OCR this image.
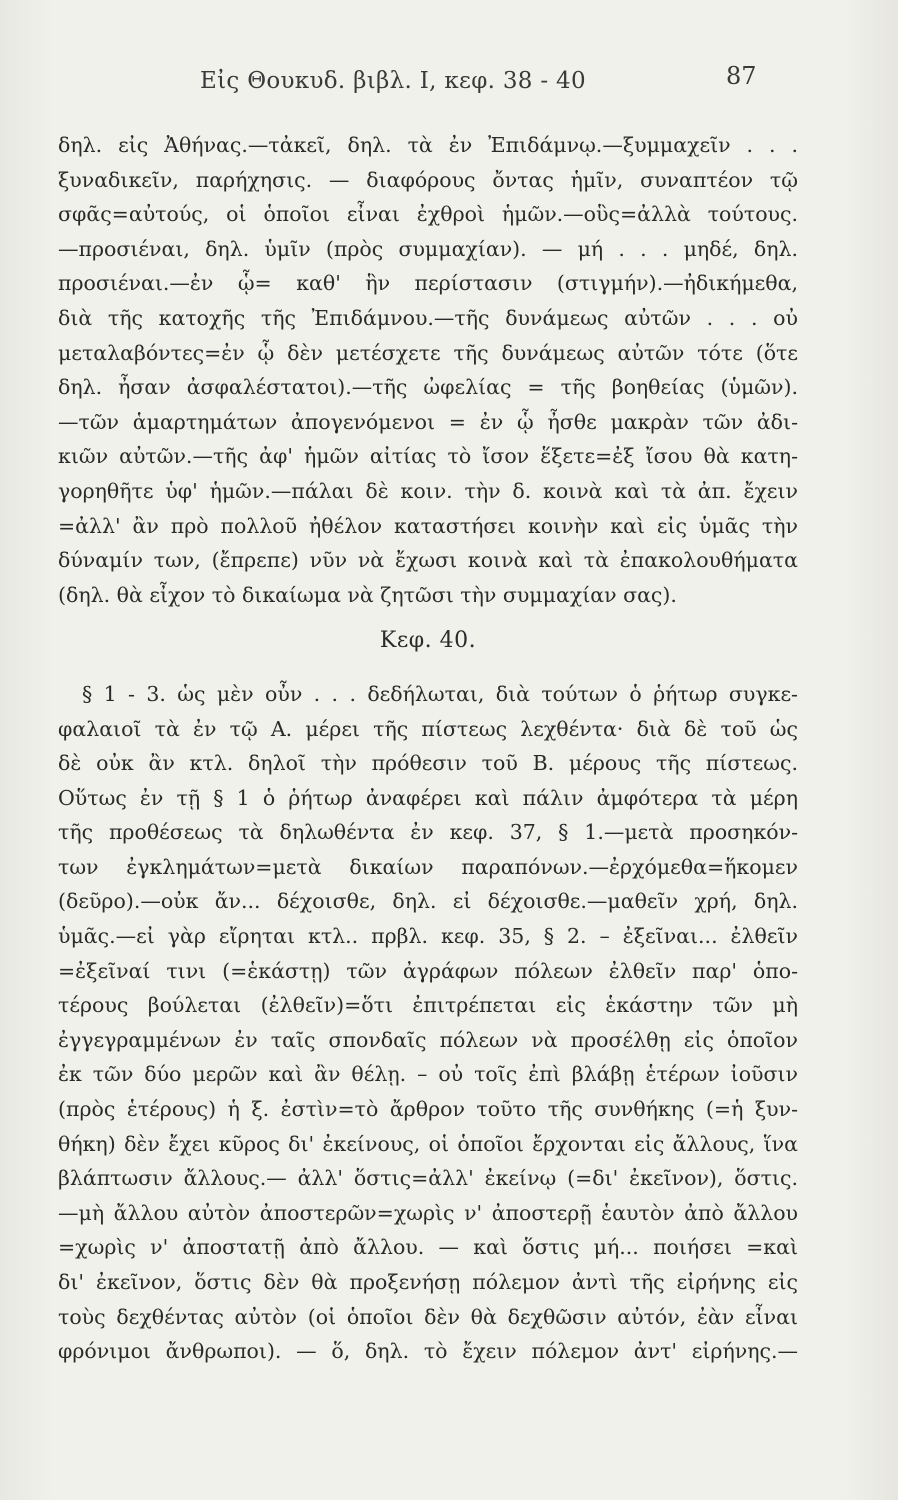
Εἰς Θουκυδ. βιβλ. Ι, κεφ. 38 - 40	87
δηλ. εἰς Ἀθήνας.—τἀκεῖ, δηλ. τὰ ἐν Ἐπιδάμνῳ.—ξυμμαχεῖν . . .
ξυναδικεῖν, παρήχησις. — διαφόρους ὄντας ἡμῖν, συναπτέον τῷ
σφᾶς=αὐτούς, οἱ ὁποῖοι εἶναι ἐχθροὶ ἡμῶν.—οὓς=ἀλλὰ τούτους.
—προσιέναι, δηλ. ὑμῖν (πρὸς συμμαχίαν). — μή . . . μηδέ, δηλ.
προσιέναι.—ἐν ᾧ= καθ' ἣν περίστασιν (στιγμήν).—ἠδικήμεθα,
διὰ τῆς κατοχῆς τῆς Ἐπιδάμνου.—τῆς δυνάμεως αὐτῶν . . . οὐ
μεταλαβόντες=ἐν ᾧ δὲν μετέσχετε τῆς δυνάμεως αὐτῶν τότε (ὅτε
δηλ. ἦσαν ἀσφαλέστατοι).—τῆς ὠφελίας = τῆς βοηθείας (ὑμῶν).
—τῶν ἁμαρτημάτων ἀπογενόμενοι = ἐν ᾧ ἦσθε μακρὰν τῶν ἀδι-
κιῶν αὐτῶν.—τῆς ἀφ' ἡμῶν αἰτίας τὸ ἴσον ἕξετε=ἐξ ἴσου θὰ κατη-
γορηθῆτε ὑφ' ἡμῶν.—πάλαι δὲ κοιν. τὴν δ. κοινὰ καὶ τὰ ἀπ. ἔχειν
=ἀλλ' ἂν πρὸ πολλοῦ ἠθέλον καταστήσει κοινὴν καὶ εἰς ὑμᾶς τὴν
δύναμίν των, (ἔπρεπε) νῦν νὰ ἔχωσι κοινὰ καὶ τὰ ἐπακολουθήματα
(δηλ. θὰ εἶχον τὸ δικαίωμα νὰ ζητῶσι τὴν συμμαχίαν σας).
Κεφ. 40.
§ 1 - 3. ὡς μὲν οὖν . . . δεδήλωται, διὰ τούτων ὁ ῥήτωρ συγκε-
φαλαιοῖ τὰ ἐν τῷ Α. μέρει τῆς πίστεως λεχθέντα· διὰ δὲ τοῦ ὡς
δὲ οὐκ ἂν κτλ. δηλοῖ τὴν πρόθεσιν τοῦ Β. μέρους τῆς πίστεως.
Οὕτως ἐν τῇ § 1 ὁ ῥήτωρ ἀναφέρει καὶ πάλιν ἀμφότερα τὰ μέρη
τῆς προθέσεως τὰ δηλωθέντα ἐν κεφ. 37, § 1.—μετὰ προσηκόν-
των ἐγκλημάτων=μετὰ δικαίων παραπόνων.—ἐρχόμεθα=ἥκομεν
(δεῦρο).—οὐκ ἄν... δέχοισθε, δηλ. εἰ δέχοισθε.—μαθεῖν χρή, δηλ.
ὑμᾶς.—εἰ γὰρ εἴρηται κτλ.. πρβλ. κεφ. 35, § 2. – ἐξεῖναι... ἐλθεῖν
=ἐξεῖναί τινι (=ἑκάστῃ) τῶν ἀγράφων πόλεων ἐλθεῖν παρ' ὁπο-
τέρους βούλεται (ἐλθεῖν)=ὅτι ἐπιτρέπεται εἰς ἑκάστην τῶν μὴ
ἐγγεγραμμένων ἐν ταῖς σπονδαῖς πόλεων νὰ προσέλθῃ εἰς ὁποῖον
ἐκ τῶν δύο μερῶν καὶ ἂν θέλῃ. – οὐ τοῖς ἐπὶ βλάβῃ ἑτέρων ἰοῦσιν
(πρὸς ἑτέρους) ἡ ξ. ἐστὶν=τὸ ἄρθρον τοῦτο τῆς συνθήκης (=ἡ ξυν-
θήκη) δὲν ἔχει κῦρος δι' ἐκείνους, οἱ ὁποῖοι ἔρχονται εἰς ἄλλους, ἵνα
βλάπτωσιν ἄλλους.— ἀλλ' ὅστις=ἀλλ' ἐκείνῳ (=δι' ἐκεῖνον), ὅστις.
—μὴ ἄλλου αὐτὸν ἀποστερῶν=χωρὶς ν' ἀποστερῇ ἑαυτὸν ἀπὸ ἄλλου
=χωρὶς ν' ἀποστατῇ ἀπὸ ἄλλου. — καὶ ὅστις μή... ποιήσει =καὶ
δι' ἐκεῖνον, ὅστις δὲν θὰ προξενήσῃ πόλεμον ἀντὶ τῆς εἰρήνης εἰς
τοὺς δεχθέντας αὐτὸν (οἱ ὁποῖοι δὲν θὰ δεχθῶσιν αὐτόν, ἐὰν εἶναι
φρόνιμοι ἄνθρωποι). — ὅ, δηλ. τὸ ἔχειν πόλεμον ἀντ' εἰρήνης.—
